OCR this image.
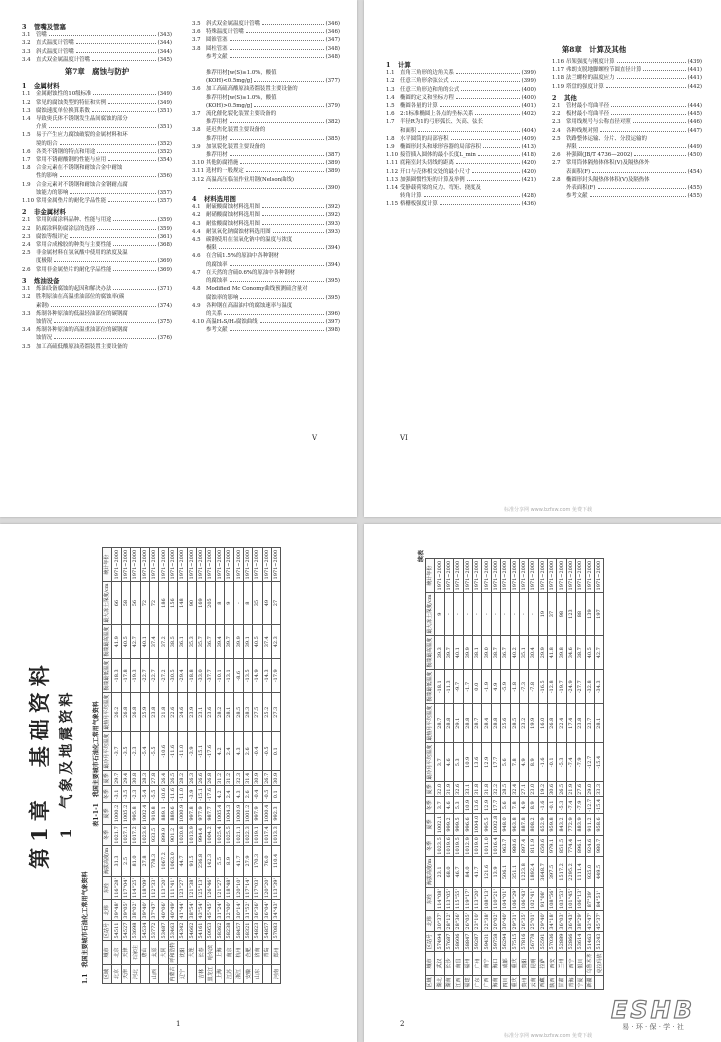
3 管嘴及管塞
3.1	管嘴	(343)
3.2	直式温度计管嘴	(344)
3.3	斜式温度计管嘴	(344)
3.4	直式双金属温度计管嘴	(345)
第7章　腐蚀与防护
1 金属材料
1.1	金属耐蚀性的10级标准	(349)
1.2	常见的腐蚀类型的特征和实例	(349)
1.3	腐蚀速度单位换算系数	(351)
1.4	导致奥氏体不锈钢发生晶间腐蚀的部分
介质	(351)
1.5	易于产生应力腐蚀破裂的金属材料和环
境的组合	(352)
1.6	各类不锈钢的特点和用途	(352)
1.7	常用不锈耐酸钢的性能与应用	(354)
1.8	合金元素在不锈钢和耐蚀合金中耐蚀
性的影响	(356)
1.9	合金元素对不锈钢和耐蚀合金钢耐点腐
蚀能力的影响	(357)
1.10 常用金属垫片的耐化学品性能	(357)
2 非金属材料
2.1	常用防腐涂料品种、性能与用途	(359)
2.2	防腐涂料防腐涂层的选择	(359)
2.3	腐蚀等级评定	(361)
2.4	常用合成橡胶的种类与主要性能	(368)
2.5	非金属材料在氢氧酸中使用的浓度及温
度极限	(369)
2.6	常用非金属垫片的耐化学品性能	(369)
3 炼油设备
3.1	炼油设备腐蚀的起因和解决办法	(371)
3.2	胜利原油在高温重油部位的腐蚀率(碳
素钢)	(374)
3.3	炼制各种原油的低温轻油部位的碳钢腐
蚀情况	(375)
3.4	炼制各种原油的高温重油部位的碳钢腐
蚀情况	(376)
3.5	加工高硫低酸原油蒸馏装置主要设备的
3.5	斜式双金属温度计管嘴	(346)
3.6	特殊温度计管嘴	(346)
3.7	圆锥管塞	(347)
3.8	圆柱管塞	(348)
参考文献	(348)
推荐用材[w(S)≥1.0%，酸值
(KOH)<0.5mg/g]	(377)
3.6	加工高硫高酸原油蒸馏装置主要设备的
推荐用材[w(S)≥1.0%，酸值
(KOH)>0.5mg/g]	(379)
3.7	流化催化裂化装置主要设备的
推荐用材	(382)
3.8	延迟焦化装置主要设备的
推荐用材	(385)
3.9	加氢裂化装置主要设备的
推荐用材	(387)
3.10 其他防腐措施	(389)
3.11 选材的一般规定	(389)
3.12 高温高压临氢作业用钢(Nelson曲线)
(390)
4 材料选用图
4.1	耐硫酸腐蚀材料选用图	(392)
4.2	耐硝酸腐蚀材料选用图	(392)
4.3	耐盐酸腐蚀材料选用图	(393)
4.4	耐氢氧化钠腐蚀材料选用图	(393)
4.5	碳钢使用在氢氧化钠中的温度与浓度
极限	(394)
4.6	在含硫1.5%的原油中各种钢材
的腐蚀率	(394)
4.7	在天然的含硫0.6%的原油中各种钢材
的腐蚀率	(395)
4.8	Modified Mc Conomy曲线预测硫含量对
腐蚀率的影响	(395)
4.9	各种钢在高温油中的腐蚀速率与温度
的关系	(396)
4.10 高温H₂S/H₂腐蚀曲线	(397)
参考文献	(398)
V
第8章　计算及其他
1 计算
1.1	直角三角形的边角关系	(399)
1.2	任意三角形余弦公式	(399)
1.3	任意三角形边和角的公式	(400)
1.4	椭圆的定义和坐标方程	(400)
1.5	椭圆各量的计算	(401)
1.6	2:1标准椭圆上各点的坐标关系	(402)
1.7	半径R为1的弓形弧长、矢高、弦长
和面积	(404)
1.8	水平圆筒的局部容积	(409)
1.9	椭圆形封头和球形容器的局部容积	(413)
1.10 接管插入圆体的最小长度L_min	(418)
1.11 底箱室封头切线的距离	(420)
1.12 开口与壳体相交处的最小尺寸	(420)
1.13 加强圈惯性矩的计算及举例	(421)
1.14 受静载荷梁的反力、弯矩、挠度及
转角计算	(428)
1.15 格栅板强度计算	(436)
1.16 吊架强度与刚度计算	(439)
1.17 弗朗支脱地脚螺栓节圆直径计算	(441)
1.18 法兰螺栓的温度应力	(441)
1.19 塔盘的强度计算	(442)
2 其他
2.1	管材最小弯曲半径	(444)
2.2	板材最小弯曲半径	(445)
2.3	常用线规号与公称直径对照	(446)
2.4	各种线规对照	(447)
2.5	铁路整体运输、分片、分段运输的
界限	(449)
2.6	补强圈(JB/T 4736—2002)	(450)
2.7	常用筒体隔热体体积(V)及隔热体外
表面积(F)	(454)
2.8	椭圆形封头隔热体体积(V)及隔热体
外表面积(F)	(455)
参考文献	(455)
VI
标准分享网 www.bzfxw.com 免费下载
第1章　基础资料 1　气象及地震资料
1.1　我国主要城市石油化工常用气象资料
表1-1-1　我国主要城市石油化工常用气象资料
区域	城市	区站号	北纬	东经	海拔高度/m	冬季	夏季	冬季	夏季	最冷月平均温度	最热月平均温度	极端最低温度	极端最高温度	最大冻土深度/cm	统计年份
北京	北京	54511	39°48'	116°28'	31.3	1021.7	1000.2	-3.1	29.7	-3.7	26.2	-18.3	41.9	66	1971~2000
天津	天津	54527	39°05'	117°04'	2.5	1027.1	1005.2	-3.5	29.4	-3.5	26.8	-17.8	40.5	58	1971~2000
河北	石家庄	53698	38°02'	114°25'	81.0	1017.2	995.8	-2.3	30.8	-2.3	26.8	-19.3	42.7	56	1971~2000
	唐山	54534	39°40'	118°09'	27.8	1023.6	1002.4	-5.4	28.3	-5.4	25.9	-22.7	40.1	72	1971~2000
山西	太原	53772	37°47'	112°33'	778.3	933.5	919.8	-5.5	27.8	-5.5	23.8	-22.7	37.4	72	1971~2000
	大同	53487	40°06'	113°20'	1067.2	899.9	889.1	-10.6	26.4	-10.6	21.8	-27.2	37.2	186	1971~2000
内蒙古	呼和浩特	53463	40°49'	111°41'	1063.0	901.2	889.6	-11.6	26.5	-11.6	22.6	-30.5	38.5	156	1971~2000
辽宁	沈阳	54342	41°44'	123°27'	44.7	1020.8	1000.9	-11.0	28.2	-11.0	24.6	-29.4	36.1	148	1971~2000
	大连	54662	38°54'	121°38'	91.5	1013.9	997.8	-3.9	26.3	-3.9	23.9	-18.8	35.3	90	1971~2000
吉林	长春	54161	43°54'	125°13'	236.8	994.4	977.9	-15.1	26.6	-15.1	23.1	-33.0	35.7	169	1971~2000
黑龙江	哈尔滨	50953	45°45'	126°46'	142.3	1004.2	987.7	-17.6	26.8	-17.6	23.6	-37.7	36.7	205	1971~2000
上海	上海	58362	31°24'	121°27'	5.5	1025.4	1005.4	4.2	31.2	4.2	28.2	-10.1	39.4	8	1971~2000
江苏	南京	58238	32°00'	118°48'	8.9	1025.5	1004.3	2.4	31.2	2.4	28.1	-13.1	39.7	9	1971~2000
浙江	杭州	58457	30°14'	120°10'	41.7	1021.1	1000.9	4.3	32.3	4.3	28.5	-8.6	39.9	-	1971~2000
安徽	合肥	58321	31°52'	117°14'	27.9	1022.3	1001.2	2.6	31.4	2.6	28.3	-13.5	39.1	8	1971~2000
山东	济南	54823	36°36'	117°03'	170.3	1019.1	997.9	-0.4	30.9	-0.4	27.5	-14.9	40.5	35	1971~2000
	青岛	54857	36°04'	120°20'	76.0	1017.4	1000.4	-0.5	26.7	-0.5	25.2	-14.3	37.4	49	1971~2000
河南	郑州	57083	34°43'	113°39'	110.4	1013.3	992.3	0.1	30.9	0.1	27.3	-17.9	42.3	27	1971~2000
1
续表
区域	城市	区站号	北纬	东经	海拔高度/m	冬季	夏季	冬季	夏季	最冷月平均温度	最热月平均温度	极端最低温度	极端最高温度	最大冻土深度/cm	统计年份
湖北	武汉	57494	30°37'	114°08'	23.1	1023.5	1002.1	3.7	32.0	3.7	28.7	-18.1	39.3	9	1971~2000
湖南	长沙	57687	28°12'	113°05'	68.0	1019.6	999.2	4.6	31.9	4.6	28.8	-11.3	39.7	-	1971~2000
江西	南昌	58606	28°36'	115°55'	46.7	1019.5	999.5	5.3	32.6	5.3	29.1	-9.7	40.1	-	1971~2000
福建	福州	58847	26°05'	119°17'	84.0	1012.9	996.6	10.9	33.1	10.9	28.8	-1.7	39.9	-	1971~2000
广东	广州	59287	23°10'	113°20'	41.7	1019.0	1004.0	13.6	31.8	13.6	28.7	0.0	38.1	-	1971~2000
广西	南宁	59431	22°38'	108°13'	121.6	1011.0	995.5	12.9	31.8	12.9	28.4	-1.9	39.0	-	1971~2000
海南	海口	59758	20°02'	110°21'	13.9	1016.4	1002.8	17.7	32.2	17.7	28.8	4.9	38.7	-	1971~2000
四川	成都	56294	30°40'	104°01'	506.1	963.7	948.0	5.6	28.5	5.6	25.6	-5.9	36.7	-	1971~2000
重庆	重庆	57515	29°31'	106°29'	351.1	980.6	963.8	7.8	32.4	7.8	28.5	-1.8	40.2	-	1971~2000
贵州	贵阳	57816	26°35'	106°43'	1223.8	897.4	887.8	4.9	27.1	4.9	23.2	-7.3	35.1	-	1971~2000
云南	昆明	56778	25°01'	102°41'	1892.4	811.9	808.2	8.9	23.0	8.9	19.9	-7.8	30.4	-	1971~2000
西藏	拉萨	55591	29°40'	91°08'	3648.7	650.6	652.9	-1.6	19.2	-1.6	16.0	-16.5	29.9	19	1971~2000
陕西	西安	57036	34°18'	108°56'	397.5	979.1	959.8	-0.1	30.6	-0.1	26.8	-12.8	41.8	37	1971~2000
甘肃	兰州	52889	36°03'	103°53'	1517.2	851.5	843.2	-5.3	26.5	-5.3	22.4	-19.7	39.8	98	1971~2000
青海	西宁	52866	36°43'	101°45'	2295.2	774.4	772.9	-7.4	21.9	-7.4	17.4	-24.9	34.6	123	1971~2000
宁夏	银川	53614	38°29'	106°13'	1111.4	896.1	883.9	-7.9	27.6	-7.9	23.8	-27.7	38.7	88	1971~2000
新疆	乌鲁木齐	51463	43°47'	87°39'	935.0	924.6	911.2	-12.7	29.0	-12.7	23.7	-32.8	40.5	139	1971~2000
	克拉玛依	51243	45°37'	84°51'	449.5	980.7	958.6	-15.4	33.3	-15.4	28.1	-34.3	42.7	197	1971~2000
2
标准分享网 www.bzfxw.com 免费下载
ESHB
易 · 环 · 保 · 学 · 社
